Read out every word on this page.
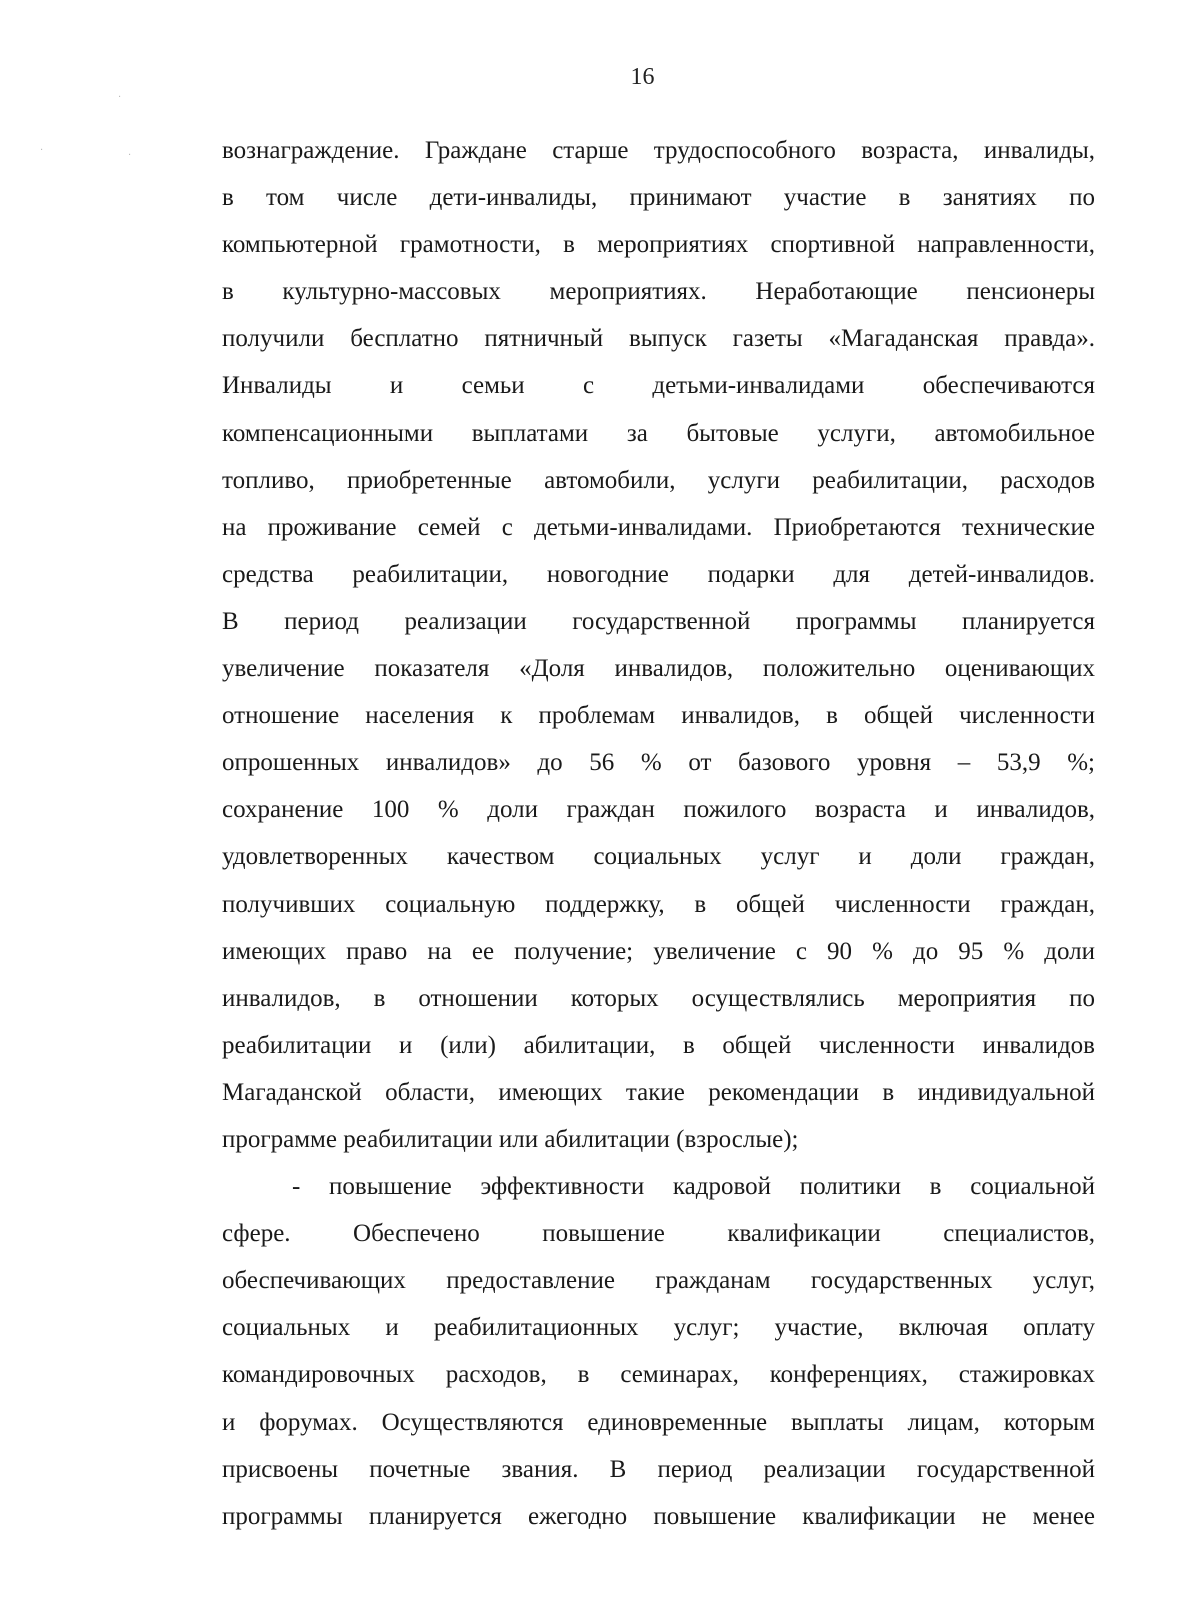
16
·
·
·	вознаграждение. Граждане старше трудоспособного возраста, инвалиды,
в том числе дети-инвалиды, принимают участие в занятиях по
компьютерной грамотности, в мероприятиях спортивной направленности,
в культурно-массовых мероприятиях. Неработающие пенсионеры
получили бесплатно пятничный выпуск газеты «Магаданская правда».
Инвалиды и семьи с детьми-инвалидами обеспечиваются
компенсационными выплатами за бытовые услуги, автомобильное
топливо, приобретенные автомобили, услуги реабилитации, расходов
на проживание семей с детьми-инвалидами. Приобретаются технические
средства реабилитации, новогодние подарки для детей-инвалидов.
В период реализации государственной программы планируется
увеличение показателя «Доля инвалидов, положительно оценивающих
отношение населения к проблемам инвалидов, в общей численности
опрошенных инвалидов» до 56 % от базового уровня – 53,9 %;
сохранение 100 % доли граждан пожилого возраста и инвалидов,
удовлетворенных качеством социальных услуг и доли граждан,
получивших социальную поддержку, в общей численности граждан,
имеющих право на ее получение; увеличение с 90 % до 95 % доли
инвалидов, в отношении которых осуществлялись мероприятия по
реабилитации и (или) абилитации, в общей численности инвалидов
Магаданской области, имеющих такие рекомендации в индивидуальной
программе реабилитации или абилитации (взрослые);
- повышение эффективности кадровой политики в социальной
сфере. Обеспечено повышение квалификации специалистов,
обеспечивающих предоставление гражданам государственных услуг,
социальных и реабилитационных услуг; участие, включая оплату
командировочных расходов, в семинарах, конференциях, стажировках
и форумах. Осуществляются единовременные выплаты лицам, которым
присвоены почетные звания. В период реализации государственной
программы планируется ежегодно повышение квалификации не менее
